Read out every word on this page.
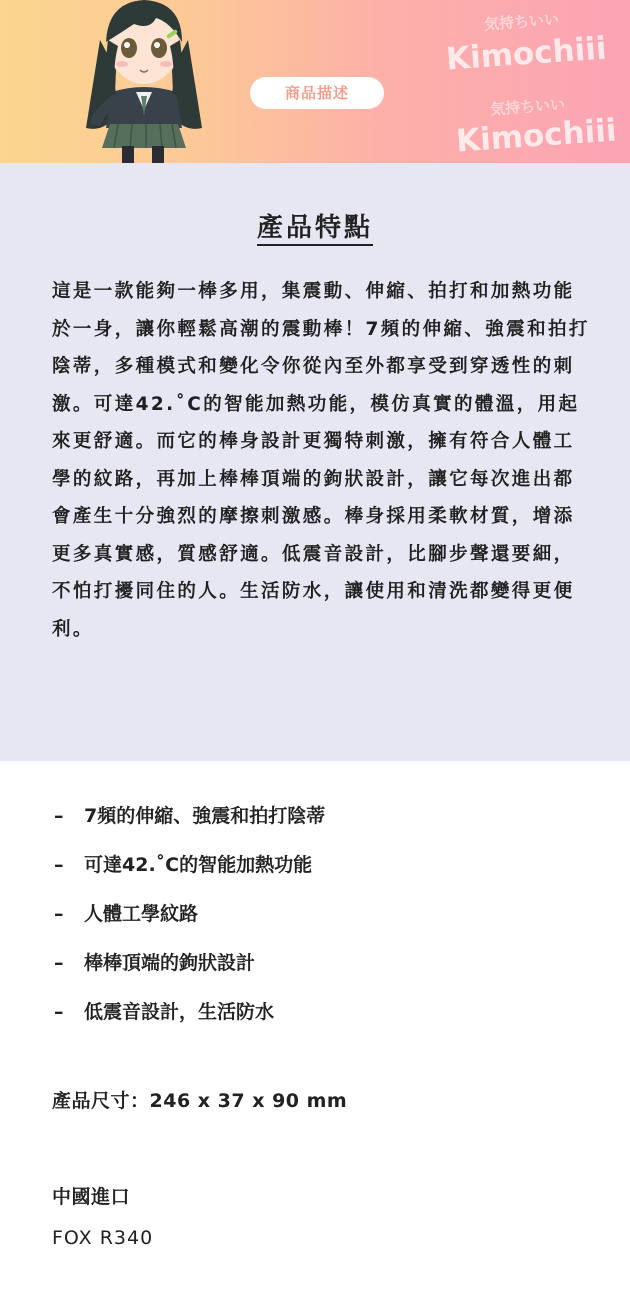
商品描述
気持ちいい
Kimochiii
気持ちいい
Kimochiii
產品特點

這是一款能夠一棒多用，集震動、伸縮、拍打和加熱功能於一身，讓你輕鬆高潮的震動棒！7頻的伸縮、強震和拍打陰蒂，多種模式和變化令你從內至外都享受到穿透性的刺激。可達42.˚C的智能加熱功能，模仿真實的體溫，用起來更舒適。而它的棒身設計更獨特刺激，擁有符合人體工學的紋路，再加上棒棒頂端的鉤狀設計，讓它每次進出都會產生十分強烈的摩擦刺激感。棒身採用柔軟材質，增添更多真實感，質感舒適。低震音設計，比腳步聲還要細，不怕打擾同住的人。生活防水，讓使用和清洗都變得更便利。

–	7頻的伸縮、強震和拍打陰蒂
–	可達42.˚C的智能加熱功能
–	人體工學紋路
–	棒棒頂端的鉤狀設計
–	低震音設計，生活防水
產品尺寸：246 x 37 x 90 mm
中國進口
FOX R340
